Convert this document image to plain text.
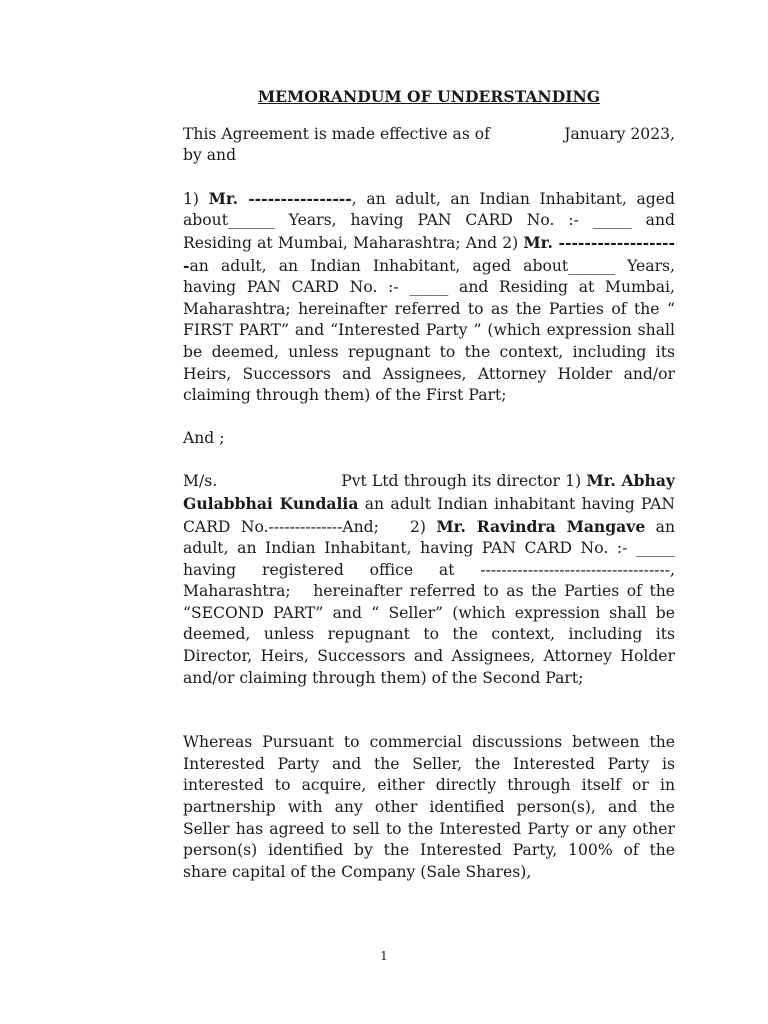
MEMORANDUM OF UNDERSTANDING
This Agreement is made effective as of	January 2023,
by and
1) Mr. ----------------, an adult, an Indian Inhabitant, aged about______ Years, having PAN CARD No. :- _____ and Residing at Mumbai, Maharashtra; And 2) Mr. -------------------an adult, an Indian Inhabitant, aged about______ Years, having PAN CARD No. :- _____ and Residing at Mumbai, Maharashtra; hereinafter referred to as the Parties of the “ FIRST PART” and “Interested Party ” (which expression shall be deemed, unless repugnant to the context, including its Heirs, Successors and Assignees, Attorney Holder and/or claiming through them) of the First Part;
And ;
M/s.                        Pvt Ltd through its director 1) Mr. Abhay Gulabbhai Kundalia an adult Indian inhabitant having PAN CARD No.--------------And;   2) Mr. Ravindra Mangave an adult, an Indian Inhabitant, having PAN CARD No. :- _____ having registered office at ------------------------------------, Maharashtra;   hereinafter referred to as the Parties of the “SECOND PART” and “ Seller” (which expression shall be deemed, unless repugnant to the context, including its Director, Heirs, Successors and Assignees, Attorney Holder and/or claiming through them) of the Second Part;
Whereas Pursuant to commercial discussions between the Interested Party and the Seller, the Interested Party is interested to acquire, either directly through itself or in partnership with any other identified person(s), and the Seller has agreed to sell to the Interested Party or any other person(s) identified by the Interested Party, 100% of the share capital of the Company (Sale Shares),
1
